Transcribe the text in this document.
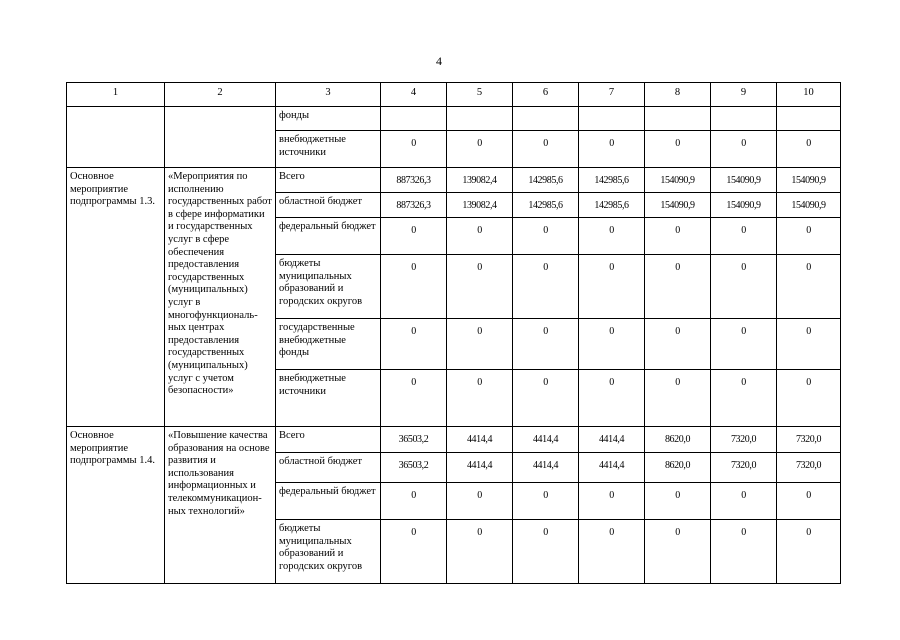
4
1	2	3	4	5	6	7	8	9	10
		фонды							
		внебюджетные источники	0	0	0	0	0	0	0
Основное мероприятие подпрограммы 1.3.	«Мероприятия по исполнению государственных работ в сфере информатики и государственных услуг в сфере обеспечения предоставления государственных (муниципальных) услуг в многофункциональ-ных центрах предоставления государственных (муниципальных) услуг с учетом безопасности»	Всего	887326,3	139082,4	142985,6	142985,6	154090,9	154090,9	154090,9
		областной бюджет	887326,3	139082,4	142985,6	142985,6	154090,9	154090,9	154090,9
		федеральный бюджет	0	0	0	0	0	0	0
		бюджеты муниципальных образований и городских округов	0	0	0	0	0	0	0
		государственные внебюджетные фонды	0	0	0	0	0	0	0
		внебюджетные источники	0	0	0	0	0	0	0
Основное мероприятие подпрограммы 1.4.	«Повышение качества образования на основе развития и использования информационных и телекоммуникацион-ных технологий»	Всего	36503,2	4414,4	4414,4	4414,4	8620,0	7320,0	7320,0
		областной бюджет	36503,2	4414,4	4414,4	4414,4	8620,0	7320,0	7320,0
		федеральный бюджет	0	0	0	0	0	0	0
		бюджеты муниципальных образований и городских округов	0	0	0	0	0	0	0
